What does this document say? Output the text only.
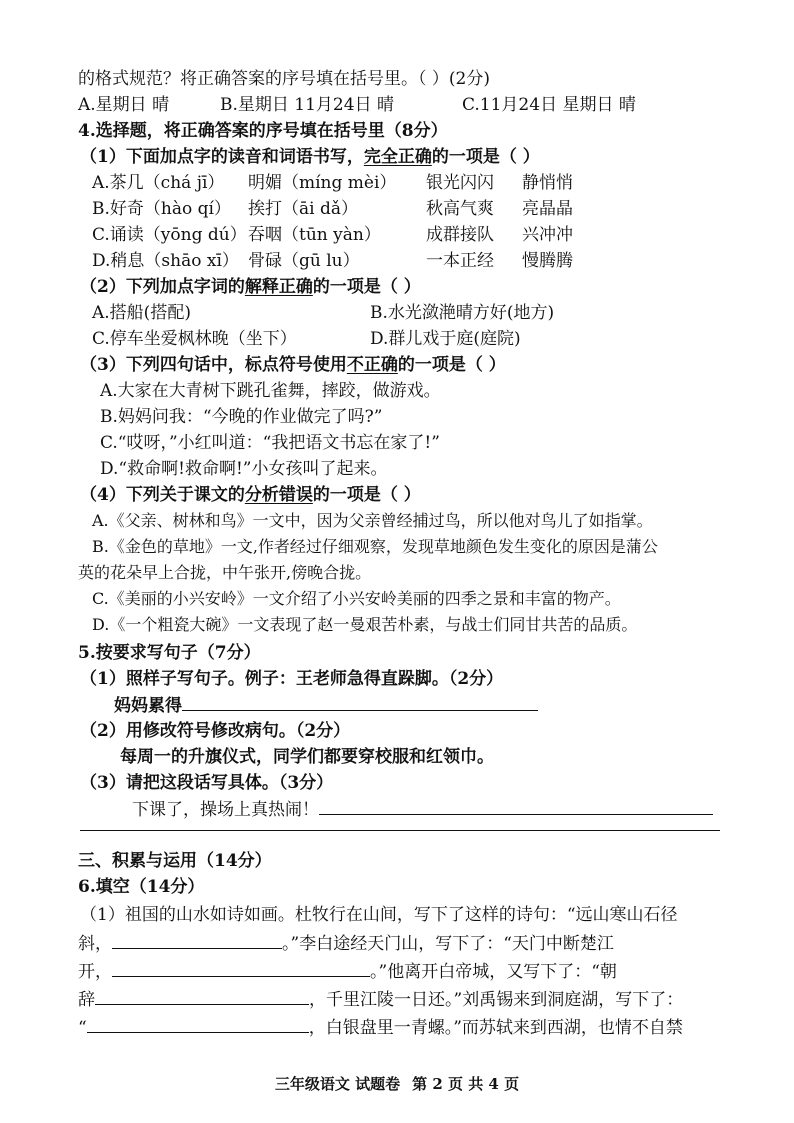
的格式规范？将正确答案的序号填在括号里。（ ）(2分)
A.星期日 晴	B.星期日 11月24日 晴	C.11月24日 星期日 晴
4.选择题，将正确答案的序号填在括号里（8分）
（1）下面加点字的读音和词语书写，完全正确的一项是（ ）
A.茶几（chá jī） 明媚（míng mèi） 银光闪闪 静悄悄
B.好奇（hào qí） 挨打（āi dǎ）	秋高气爽 亮晶晶
C.诵读（yōng dú） 吞咽（tūn yàn）	成群接队 兴冲冲
D.稍息（shāo xī） 骨碌（gū lu）	一本正经 慢腾腾
（2）下列加点字词的解释正确的一项是（ ）
A.搭船(搭配)	B.水光潋滟晴方好(地方)
C.停车坐爱枫林晚（坐下）	D.群儿戏于庭(庭院)
（3）下列四句话中，标点符号使用不正确的一项是（ ）
A.大家在大青树下跳孔雀舞，摔跤，做游戏。
B.妈妈问我：“今晚的作业做完了吗?”
C.“哎呀，”小红叫道：“我把语文书忘在家了!”
D.“救命啊!救命啊!”小女孩叫了起来。
（4）下列关于课文的分析错误的一项是（ ）
A.《父亲、树林和鸟》一文中，因为父亲曾经捕过鸟，所以他对鸟儿了如指掌。
B.《金色的草地》一文,作者经过仔细观察，发现草地颜色发生变化的原因是蒲公
英的花朵早上合拢，中午张开,傍晚合拢。
C.《美丽的小兴安岭》一文介绍了小兴安岭美丽的四季之景和丰富的物产。
D.《一个粗瓷大碗》一文表现了赵一曼艰苦朴素，与战士们同甘共苦的品质。
5.按要求写句子（7分）
（1）照样子写句子。例子：王老师急得直跺脚。（2分）
妈妈累得
（2）用修改符号修改病句。（2分）
每周一的升旗仪式，同学们都要穿校服和红领巾。
（3）请把这段话写具体。（3分）
下课了，操场上真热闹！
三、积累与运用（14分）
6.填空（14分）
（1）祖国的山水如诗如画。杜牧行在山间，写下了这样的诗句：“远山寒山石径
斜，	。”李白途经天门山，写下了：“天门中断楚江
开，	。”他离开白帝城，又写下了：“朝
辞	，千里江陵一日还。”刘禹锡来到洞庭湖，写下了：
“	，白银盘里一青螺。”而苏轼来到西湖，也情不自禁
三年级语文 试题卷 第 2 页 共 4 页
